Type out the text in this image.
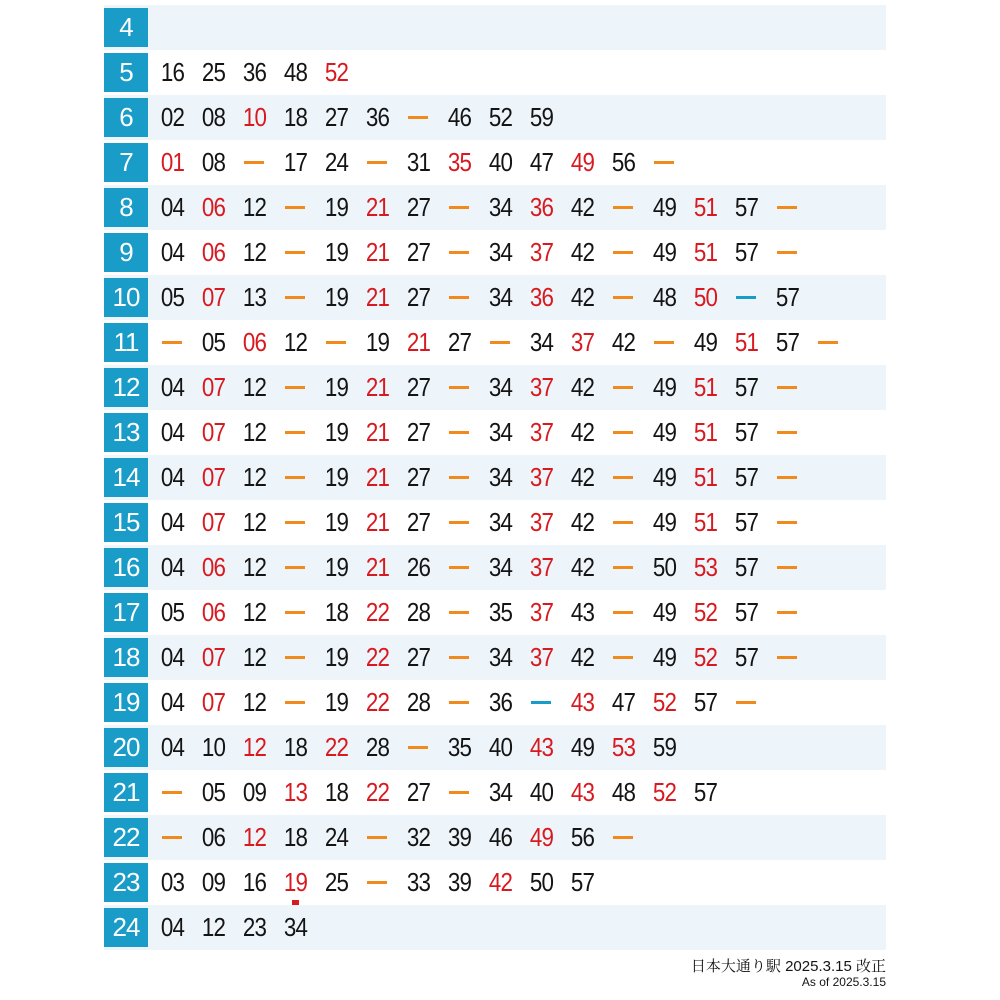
4
5	16 25 36 48 52
6	02 08 10 18 27 36 46 52 59
7	01 08 17 24 31 35 40 47 49 56
8	04 06 12 19 21 27 34 36 42 49 51 57
9	04 06 12 19 21 27 34 37 42 49 51 57
10 05 07 13 19 21 27 34 36 42 48 50 57
11	05 06 12 19 21 27 34 37 42 49 51 57
12 04 07 12 19 21 27 34 37 42 49 51 57
13 04 07 12 19 21 27 34 37 42 49 51 57
14 04 07 12 19 21 27 34 37 42 49 51 57
15 04 07 12 19 21 27 34 37 42 49 51 57
16 04 06 12 19 21 26 34 37 42 50 53 57
17 05 06 12 18 22 28 35 37 43 49 52 57
18 04 07 12 19 22 27 34 37 42 49 52 57
19 04 07 12 19 22 28 36 43 47 52 57
20 04 10 12 18 22 28 35 40 43 49 53 59
21	05 09 13 18 22 27 34 40 43 48 52 57
22	06 12 18 24 32 39 46 49 56
23 03 09 16 19 25 33 39 42 50 57
24 04 12 23 34
日本大通り駅 2025.3.15 改正
As of 2025.3.15
